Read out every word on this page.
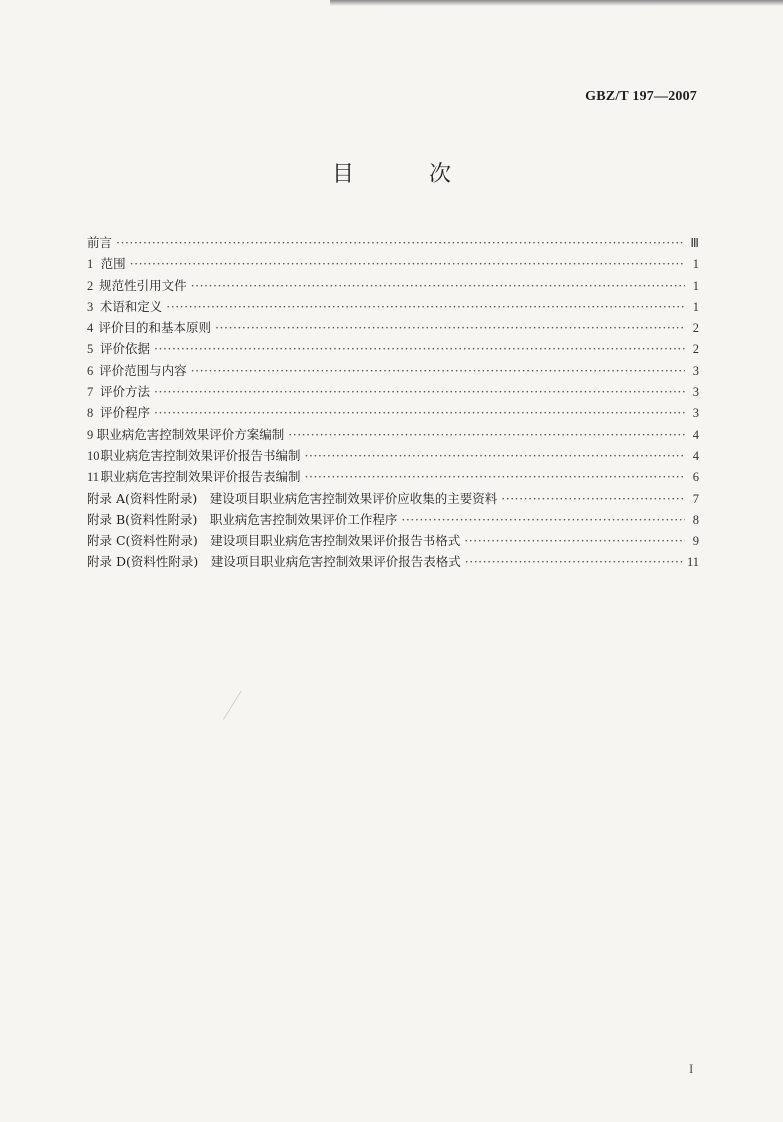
GBZ/T 197—2007
目 次
前言 ·····	Ⅲ
1 范围 ·····	1
2 规范性引用文件 ·····	1
3 术语和定义 ·····	1
4 评价目的和基本原则 ·····	2
5 评价依据 ·····	2
6 评价范围与内容 ·····	3
7 评价方法 ·····	3
8 评价程序 ·····	3
9 职业病危害控制效果评价方案编制 ·····	4
10 职业病危害控制效果评价报告书编制 ·····	4
11 职业病危害控制效果评价报告表编制 ·····	6
附录 A(资料性附录)　建设项目职业病危害控制效果评价应收集的主要资料 ·····	7
附录 B(资料性附录)　职业病危害控制效果评价工作程序 ·····	8
附录 C(资料性附录)　建设项目职业病危害控制效果评价报告书格式 ·····	9
附录 D(资料性附录)　建设项目职业病危害控制效果评价报告表格式 ·····	11
I
